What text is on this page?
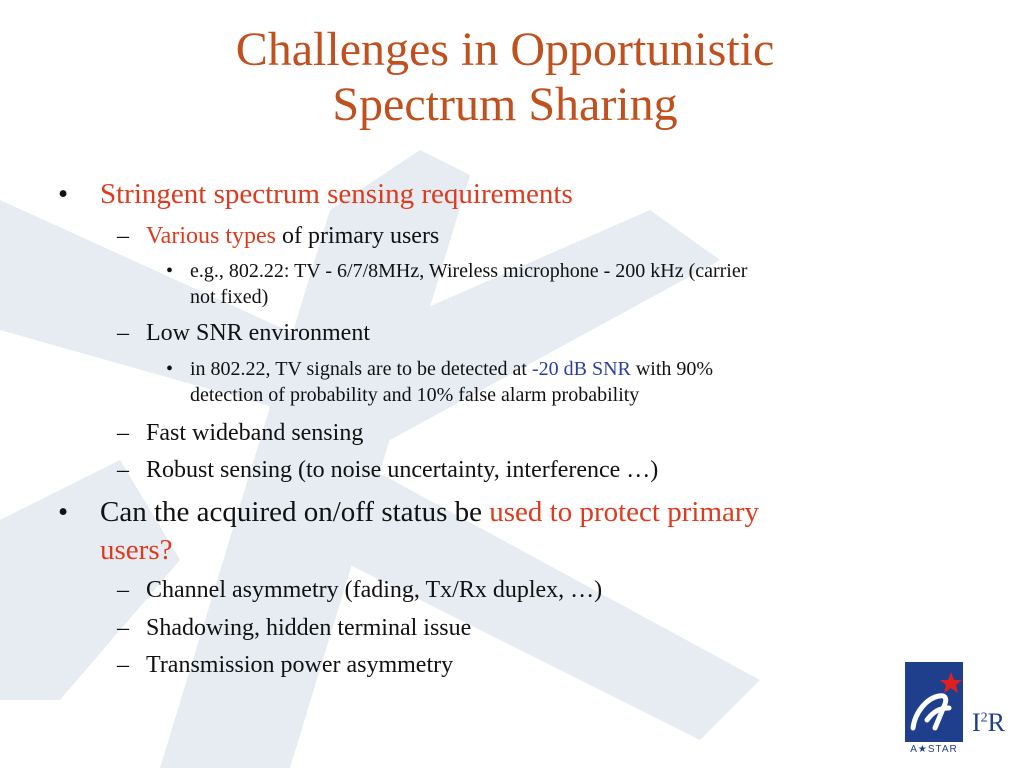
Challenges in Opportunistic
Spectrum Sharing
• Stringent spectrum sensing requirements
– Various types of primary users
• e.g., 802.22: TV - 6/7/8MHz, Wireless microphone - 200 kHz (carrier
not fixed)
– Low SNR environment
• in 802.22, TV signals are to be detected at -20 dB SNR with 90%
detection of probability and 10% false alarm probability
– Fast wideband sensing
– Robust sensing (to noise uncertainty, interference …)
• Can the acquired on/off status be used to protect primary
users?
– Channel asymmetry (fading, Tx/Rx duplex, …)
– Shadowing, hidden terminal issue
– Transmission power asymmetry
$I^2R$
A★STAR
